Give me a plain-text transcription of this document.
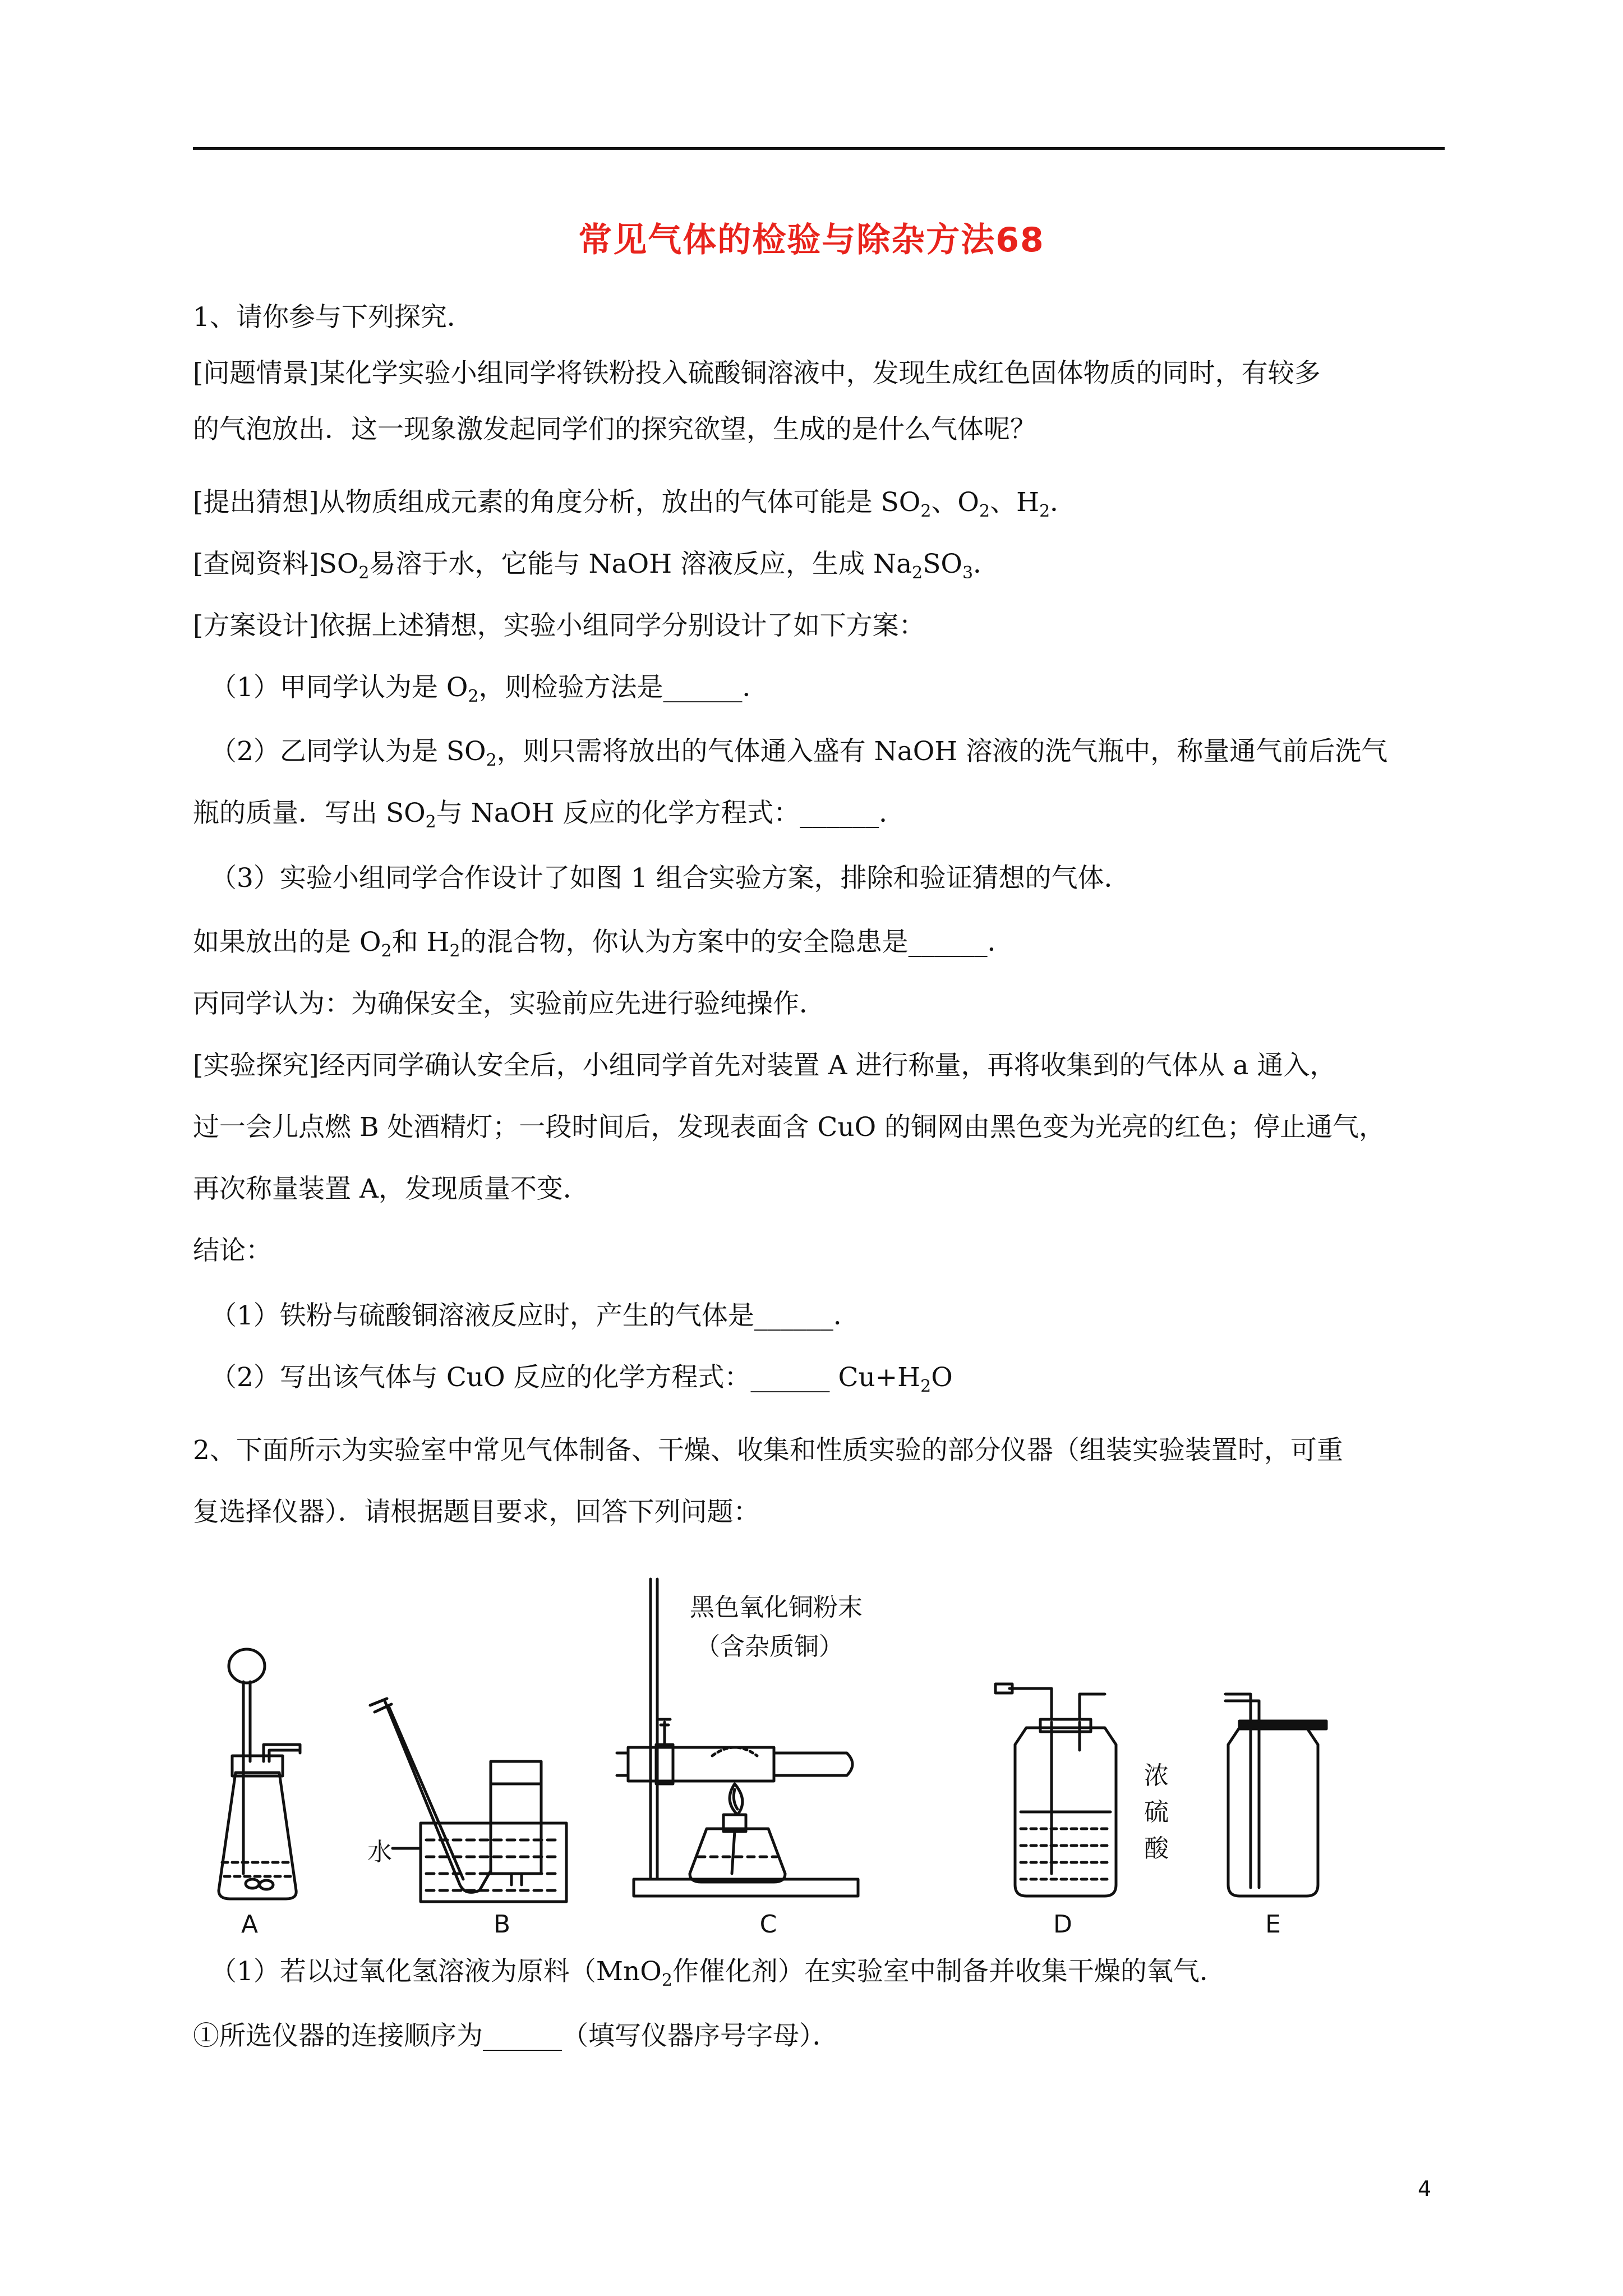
常见气体的检验与除杂方法68
1、请你参与下列探究．
[问题情景]某化学实验小组同学将铁粉投入硫酸铜溶液中，发现生成红色固体物质的同时，有较多
的气泡放出．这一现象激发起同学们的探究欲望，生成的是什么气体呢？
[提出猜想]从物质组成元素的角度分析，放出的气体可能是 $SO_2$、$O_2$、$H_2$．
[查阅资料]$SO_2$易溶于水，它能与 NaOH 溶液反应，生成 $Na_2SO_3$．
[方案设计]依据上述猜想，实验小组同学分别设计了如下方案：
（1）甲同学认为是 $O_2$，则检验方法是______．
（2）乙同学认为是 $SO_2$，则只需将放出的气体通入盛有 NaOH 溶液的洗气瓶中，称量通气前后洗气
瓶的质量．写出 $SO_2$与 NaOH 反应的化学方程式：______．
（3）实验小组同学合作设计了如图 1 组合实验方案，排除和验证猜想的气体．
如果放出的是 $O_2$和 $H_2$的混合物，你认为方案中的安全隐患是______．
丙同学认为：为确保安全，实验前应先进行验纯操作．
[实验探究]经丙同学确认安全后，小组同学首先对装置 A 进行称量，再将收集到的气体从 a 通入，
过一会儿点燃 B 处酒精灯；一段时间后，发现表面含 CuO 的铜网由黑色变为光亮的红色；停止通气，
再次称量装置 A，发现质量不变．
结论：
（1）铁粉与硫酸铜溶液反应时，产生的气体是______．
（2）写出该气体与 CuO 反应的化学方程式：______ $Cu+H_2O$
2、下面所示为实验室中常见气体制备、干燥、收集和性质实验的部分仪器（组装实验装置时，可重
复选择仪器）．请根据题目要求，回答下列问题：
水
黑色氧化铜粉末
（含杂质铜）
浓
硫
酸
A	B	C	D	E
（1）若以过氧化氢溶液为原料（MnO$_2$作催化剂）在实验室中制备并收集干燥的氧气．
①所选仪器的连接顺序为______（填写仪器序号字母）．
4
